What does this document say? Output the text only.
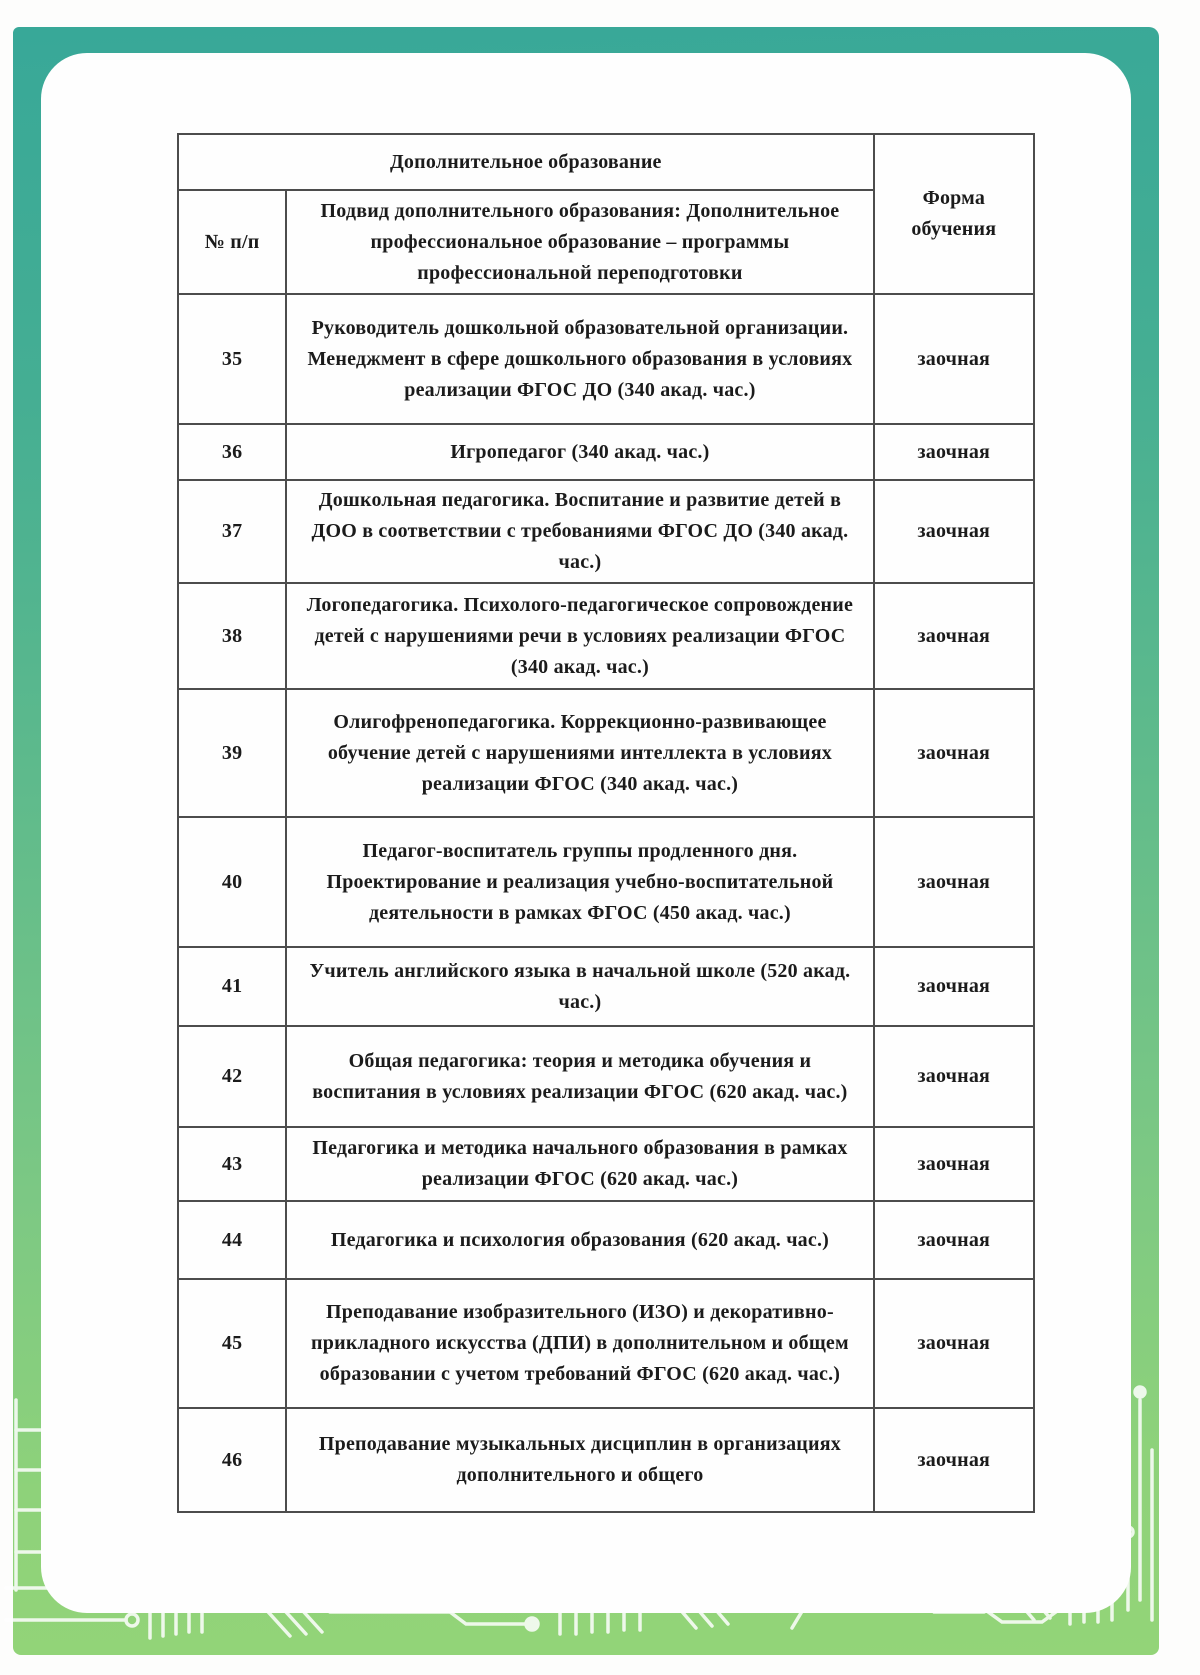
Дополнительное образование		Форма обучения
№ п/п	Подвид дополнительного образования: Дополнительное профессиональное образование – программы профессиональной переподготовки	
35	Руководитель дошкольной образовательной организации. Менеджмент в сфере дошкольного образования в условиях реализации ФГОС ДО (340 акад. час.)	заочная
36	Игропедагог (340 акад. час.)	заочная
37	Дошкольная педагогика. Воспитание и развитие детей в ДОО в соответствии с требованиями ФГОС ДО (340 акад. час.)	заочная
38	Логопедагогика. Психолого-педагогическое сопровождение детей с нарушениями речи в условиях реализации ФГОС (340 акад. час.)	заочная
39	Олигофренопедагогика. Коррекционно-развивающее обучение детей с нарушениями интеллекта в условиях реализации ФГОС (340 акад. час.)	заочная
40	Педагог-воспитатель группы продленного дня. Проектирование и реализация учебно-воспитательной деятельности в рамках ФГОС (450 акад. час.)	заочная
41	Учитель английского языка в начальной школе (520 акад. час.)	заочная
42	Общая педагогика: теория и методика обучения и воспитания в условиях реализации ФГОС (620 акад. час.)	заочная
43	Педагогика и методика начального образования в рамках реализации ФГОС (620 акад. час.)	заочная
44	Педагогика и психология образования (620 акад. час.)	заочная
45	Преподавание изобразительного (ИЗО) и декоративно-прикладного искусства (ДПИ) в дополнительном и общем образовании с учетом требований ФГОС (620 акад. час.)	заочная
46	Преподавание музыкальных дисциплин в организациях дополнительного и общего	заочная
